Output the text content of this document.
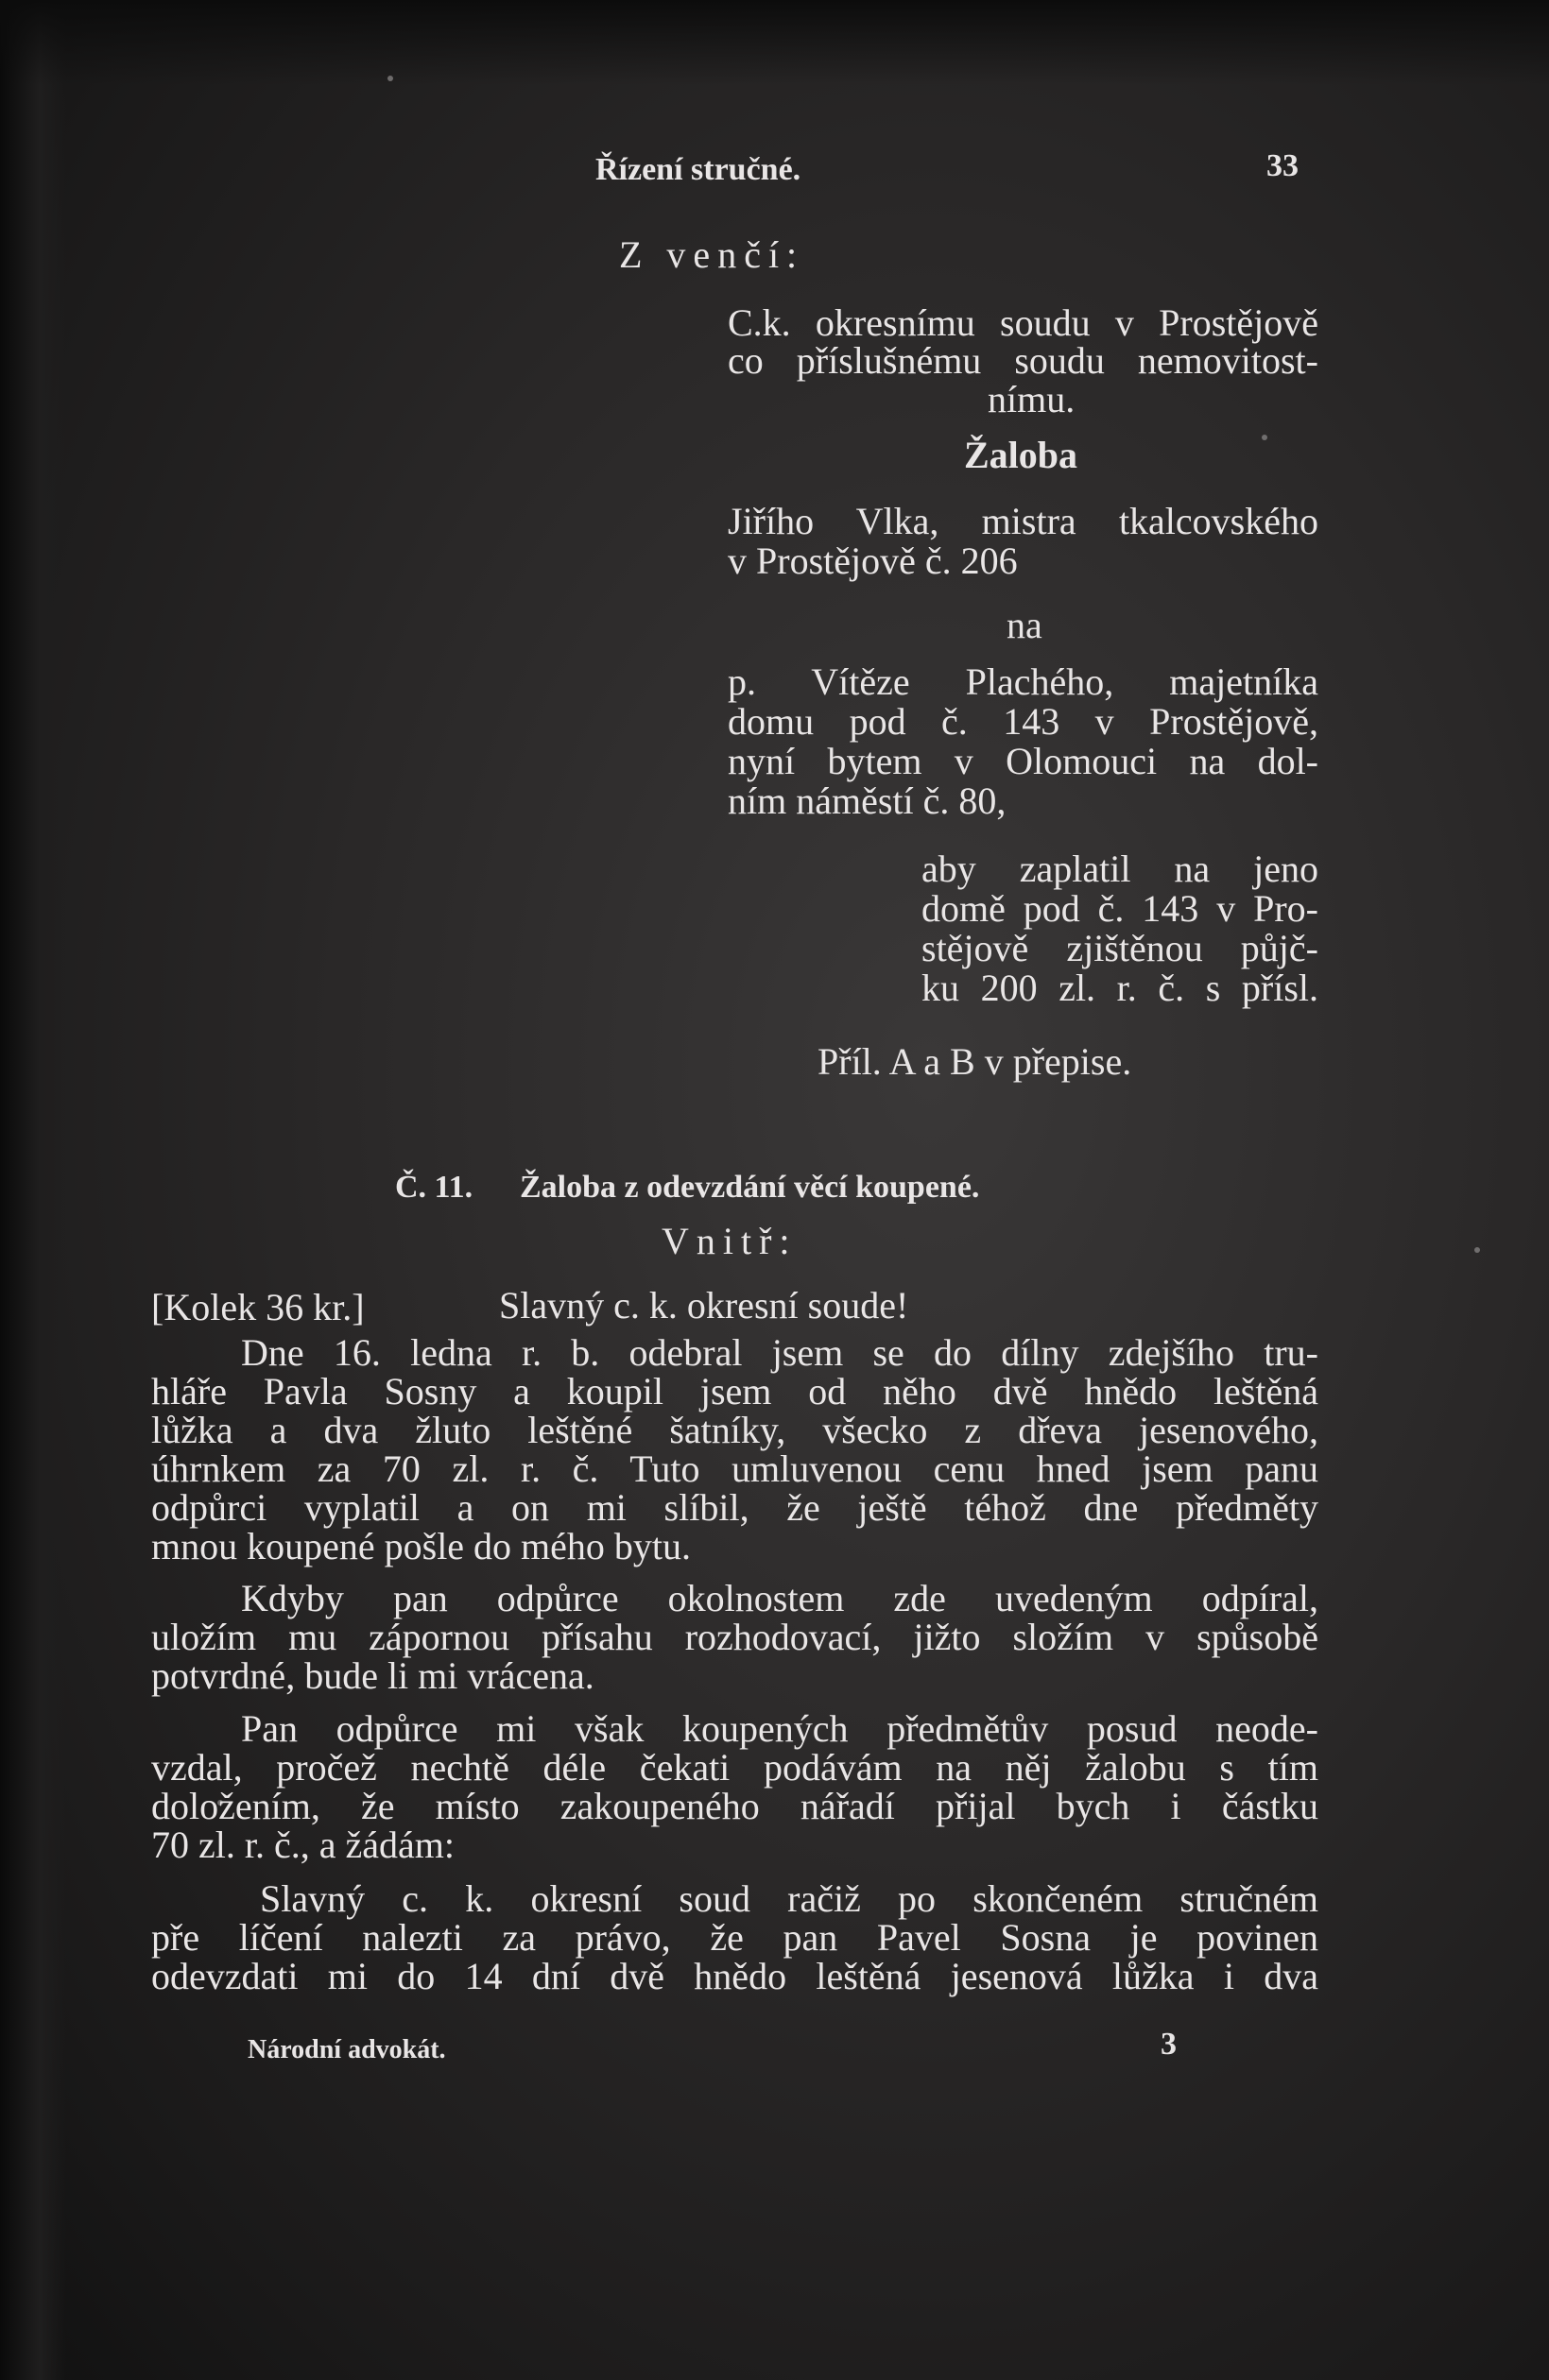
Řízení stručné.	33

Z venčí:

C.k. okresnímu soudu v Prostějově

co příslušnému soudu nemovitost-

nímu.

Žaloba

Jiřího Vlka, mistra tkalcovského

v Prostějově č. 206

na

p. Vítěze Plachého, majetníka

domu pod č. 143 v Prostějově,

nyní bytem v Olomouci na dol-

ním náměstí č. 80,

aby zaplatil na jeno

domě pod č. 143 v Pro-

stějově zjištěnou půjč-

ku 200 zl. r. č. s přísl.

Příl. A a B v přepise.

Č. 11. Žaloba z odevzdání věcí koupené.

Vnitř:

[Kolek 36 kr.]	Slavný c. k. okresní soude!

Dne 16. ledna r. b. odebral jsem se do dílny zdejšího tru-

hláře Pavla Sosny a koupil jsem od něho dvě hnědo leštěná

lůžka a dva žluto leštěné šatníky, všecko z dřeva jesenového,

úhrnkem za 70 zl. r. č. Tuto umluvenou cenu hned jsem panu

odpůrci vyplatil a on mi slíbil, že ještě téhož dne předměty

mnou koupené pošle do mého bytu.

Kdyby pan odpůrce okolnostem zde uvedeným odpíral,

uložím mu zápornou přísahu rozhodovací, jižto složím v spůsobě

potvrdné, bude li mi vrácena.

Pan odpůrce mi však koupených předmětův posud neode-

vzdal, pročež nechtě déle čekati podávám na něj žalobu s tím

doložením, že místo zakoupeného nářadí přijal bych i částku

70 zl. r. č., a žádám:

Slavný c. k. okresní soud račiž po skončeném stručném

pře líčení nalezti za právo, že pan Pavel Sosna je povinen

odevzdati mi do 14 dní dvě hnědo leštěná jesenová lůžka i dva

Národní advokát.	3
